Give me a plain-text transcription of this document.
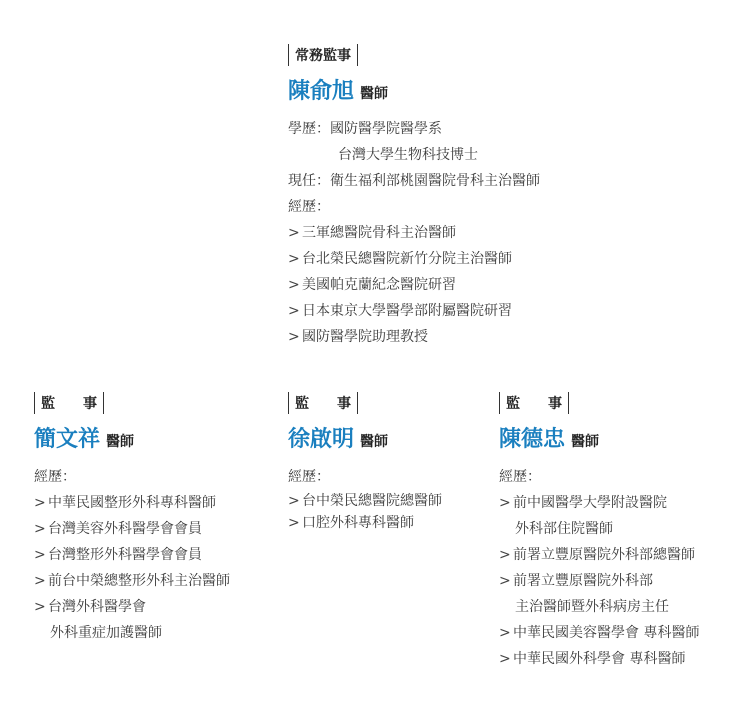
常務監事
陳俞旭 醫師
學歷：國防醫學院醫學系
台灣大學生物科技博士
現任：衛生福利部桃園醫院骨科主治醫師
經歷：
> 三軍總醫院骨科主治醫師
> 台北榮民總醫院新竹分院主治醫師
> 美國帕克蘭紀念醫院研習
> 日本東京大學醫學部附屬醫院研習
> 國防醫學院助理教授
監　　事
簡文祥 醫師
經歷：
> 中華民國整形外科專科醫師
> 台灣美容外科醫學會會員
> 台灣整形外科醫學會會員
> 前台中榮總整形外科主治醫師
> 台灣外科醫學會
外科重症加護醫師
監　　事
徐啟明 醫師
經歷：
> 台中榮民總醫院總醫師
> 口腔外科專科醫師
監　　事
陳德忠 醫師
經歷：
> 前中國醫學大學附設醫院
外科部住院醫師
> 前署立豐原醫院外科部總醫師
> 前署立豐原醫院外科部
主治醫師暨外科病房主任
> 中華民國美容醫學會 專科醫師
> 中華民國外科學會 專科醫師
